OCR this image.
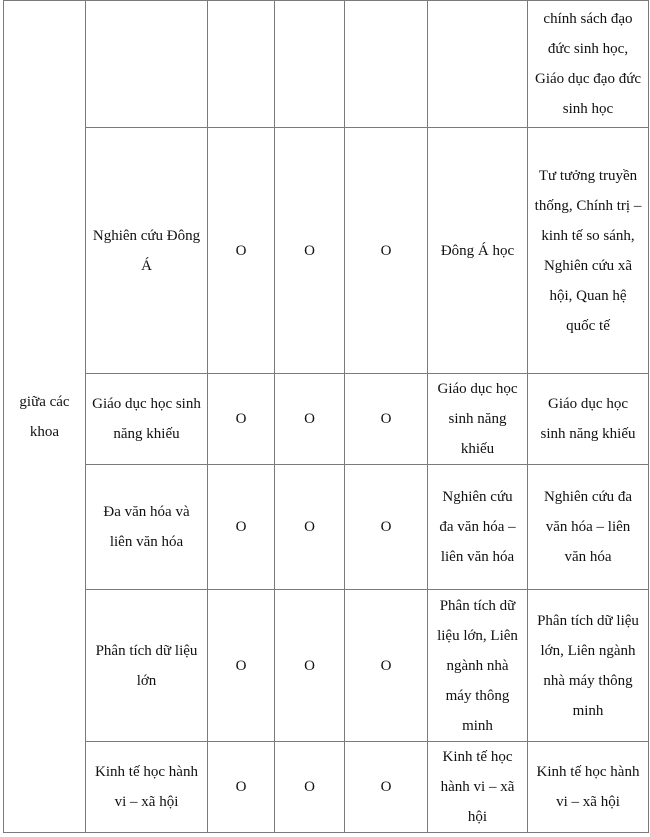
giữa các khoa						chính sách đạo đức sinh học, Giáo dục đạo đức sinh học
	Nghiên cứu Đông Á	O	O	O	Đông Á học	Tư tưởng truyền thống, Chính trị – kinh tế so sánh, Nghiên cứu xã hội, Quan hệ quốc tế
	Giáo dục học sinh năng khiếu	O	O	O	Giáo dục học sinh năng khiếu	Giáo dục học sinh năng khiếu
	Đa văn hóa và liên văn hóa	O	O	O	Nghiên cứu đa văn hóa – liên văn hóa	Nghiên cứu đa văn hóa – liên văn hóa
	Phân tích dữ liệu lớn	O	O	O	Phân tích dữ liệu lớn, Liên ngành nhà máy thông minh	Phân tích dữ liệu lớn, Liên ngành nhà máy thông minh
	Kinh tế học hành vi – xã hội	O	O	O	Kinh tế học hành vi – xã hội	Kinh tế học hành vi – xã hội
